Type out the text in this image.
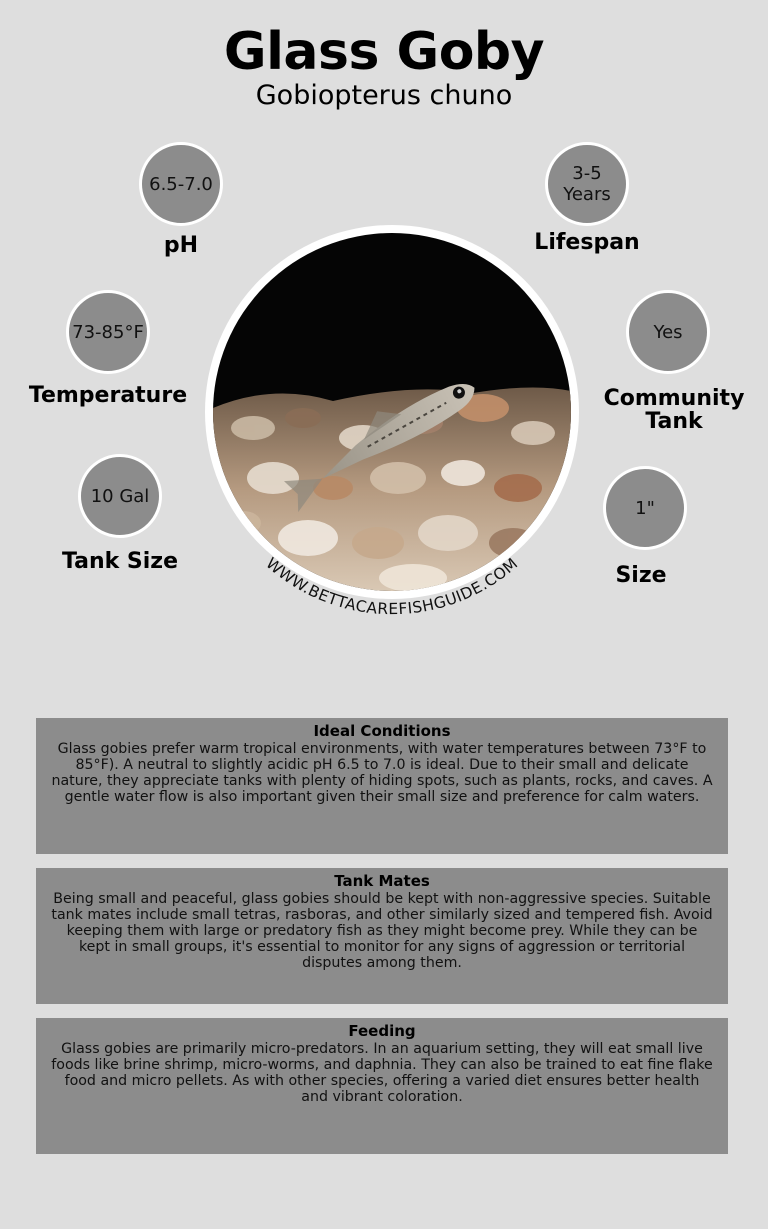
Glass Goby
Gobiopterus chuno
6.5-7.0
pH
3-5
Years
Lifespan
73-85°F
Temperature
Yes
Community
Tank
10 Gal
Tank Size
1"
Size
WWW.BETTACAREFISHGUIDE.COM
Ideal Conditions
Glass gobies prefer warm tropical environments, with water temperatures between 73°F to 85°F). A neutral to slightly acidic pH 6.5 to 7.0 is ideal. Due to their small and delicate nature, they appreciate tanks with plenty of hiding spots, such as plants, rocks, and caves. A gentle water flow is also important given their small size and preference for calm waters.
Tank Mates
Being small and peaceful, glass gobies should be kept with non-aggressive species. Suitable tank mates include small tetras, rasboras, and other similarly sized and tempered fish. Avoid keeping them with large or predatory fish as they might become prey. While they can be kept in small groups, it's essential to monitor for any signs of aggression or territorial disputes among them.
Feeding
Glass gobies are primarily micro-predators. In an aquarium setting, they will eat small live foods like brine shrimp, micro-worms, and daphnia. They can also be trained to eat fine flake food and micro pellets. As with other species, offering a varied diet ensures better health and vibrant coloration.
